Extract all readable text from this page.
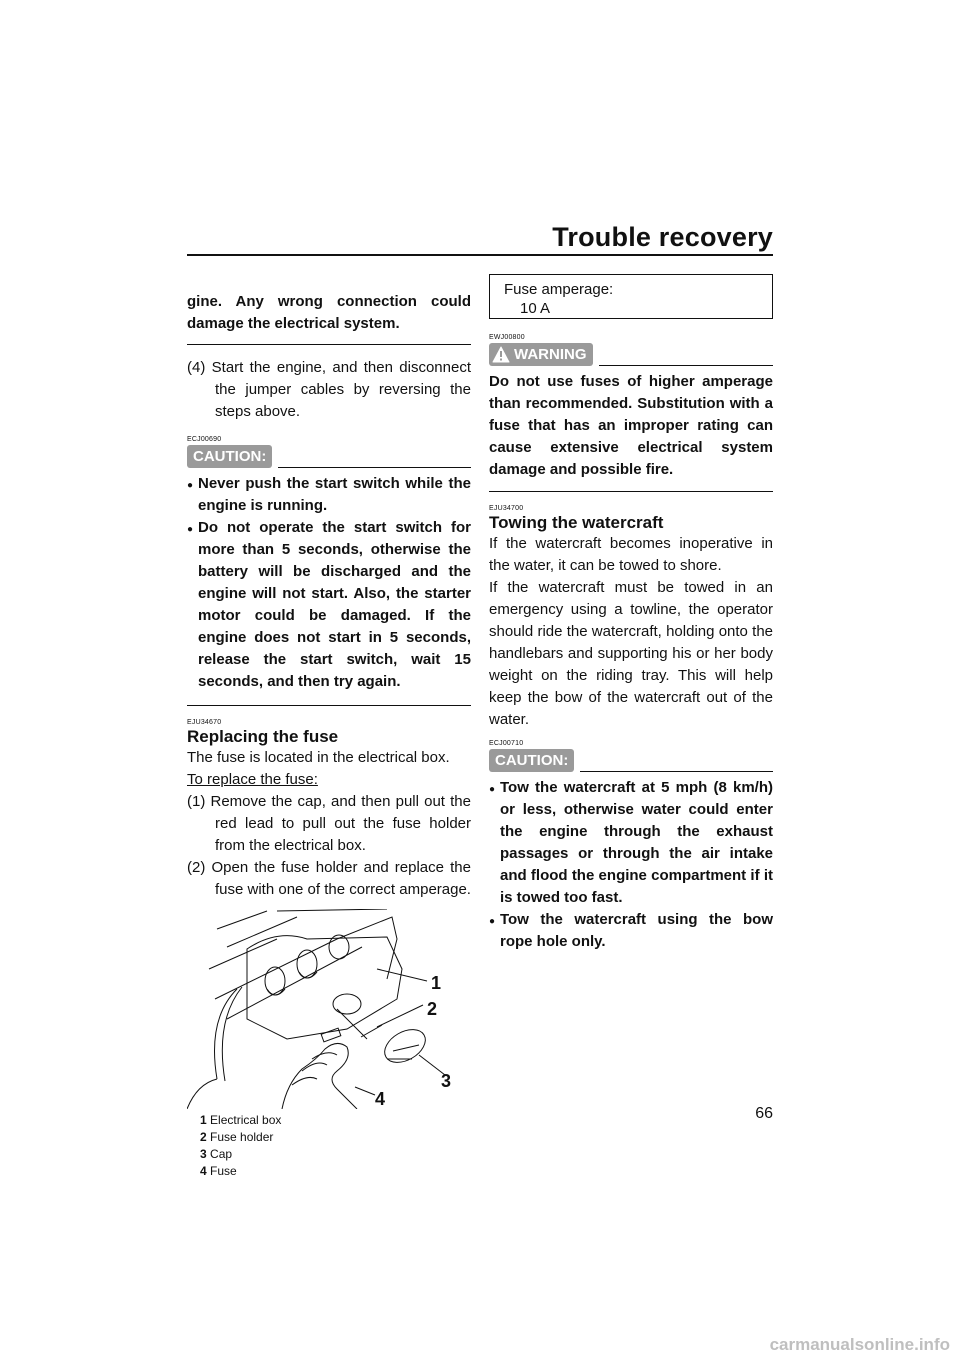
Trouble recovery
gine. Any wrong connection could damage the electrical system.
(4) Start the engine, and then disconnect the jumper cables by reversing the steps above.
ECJ00690
CAUTION:
●
Never push the start switch while the engine is running.
●
Do not operate the start switch for more than 5 seconds, otherwise the battery will be discharged and the engine will not start. Also, the starter motor could be damaged. If the engine does not start in 5 seconds, release the start switch, wait 15 seconds, and then try again.
EJU34670
Replacing the fuse
The fuse is located in the electrical box.
To replace the fuse:
(1) Remove the cap, and then pull out the red lead to pull out the fuse holder from the electrical box.
(2) Open the fuse holder and replace the fuse with one of the correct amperage.
1
2
3
4
1 Electrical box
2 Fuse holder
3 Cap
4 Fuse
Fuse amperage:
10 A
EWJ00800
WARNING
Do not use fuses of higher amperage than recommended. Substitution with a fuse that has an improper rating can cause extensive electrical system damage and possible fire.
EJU34700
Towing the watercraft
If the watercraft becomes inoperative in the water, it can be towed to shore.
If the watercraft must be towed in an emergency using a towline, the operator should ride the watercraft, holding onto the handlebars and supporting his or her body weight on the riding tray. This will help keep the bow of the watercraft out of the water.
ECJ00710
CAUTION:
●
Tow the watercraft at 5 mph (8 km/h) or less, otherwise water could enter the engine through the exhaust passages or through the air intake and flood the engine compartment if it is towed too fast.
●
Tow the watercraft using the bow rope hole only.
66
carmanualsonline.info
